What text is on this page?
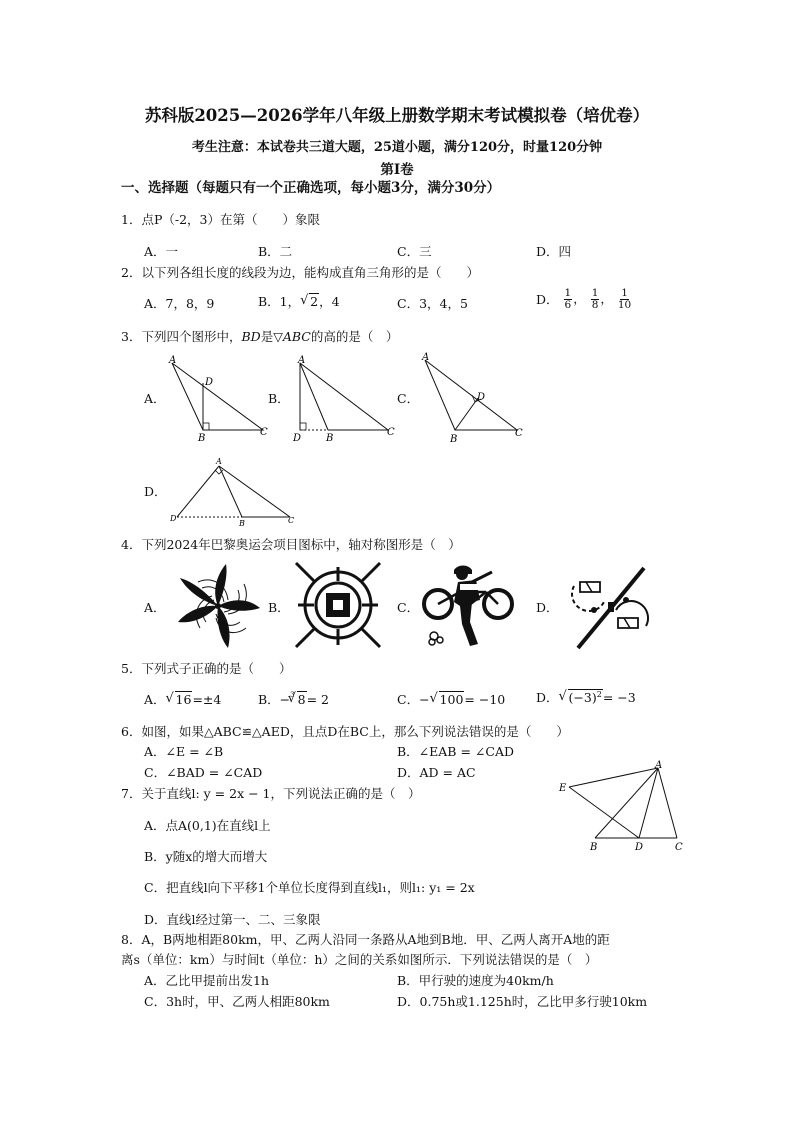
苏科版2025—2026学年八年级上册数学期末考试模拟卷（培优卷）
考生注意：本试卷共三道大题，25道小题，满分120分，时量120分钟
第Ⅰ卷
一、选择题（每题只有一个正确选项，每小题3分，满分30分）
1．点P（-2，3）在第（　　）象限
A．一	B．二	C．三	D．四
2．以下列各组长度的线段为边，能构成直角三角形的是（　　）
A．7，8，9	B．1， √ 2，4	C．3，4，5	D． $\frac{1}{6}$ ， $\frac{1}{8}$ ， $\frac{1}{10}$
3．下列四个图形中，BD是▽ABC的高的是（　）
A．	B．	C．
D．
A
D
B
C
A
D B
C
A
D
B
C
A
D
B	C
4．下列2024年巴黎奥运会项目图标中，轴对称图形是（　）
A．	B．	C．	D．
5．下列式子正确的是（　　）
A． √ 16=±4	B．−$^3$ √ 8= 2	C．− √ 100= −10 D． √ $(-3)^2= -3$
6．如图，如果△ABC≌△AED，且点D在BC上，那么下列说法错误的是（　　）
A．∠E = ∠B	B．∠EAB = ∠CAD
C．∠BAD = ∠CAD	D．AD = AC	A
E
B	D	C
7．关于直线l: y = 2x − 1，下列说法正确的是（　）
A．点A(0,1)在直线l上
B．y随x的增大而增大
C．把直线l向下平移1个单位长度得到直线l₁，则l₁: y₁ = 2x
D．直线l经过第一、二、三象限
8．A，B两地相距80km，甲、乙两人沿同一条路从A地到B地．甲、乙两人离开A地的距
离s（单位：km）与时间t（单位：h）之间的关系如图所示．下列说法错误的是（　）
A．乙比甲提前出发1h	B．甲行驶的速度为40km/h
C．3h时，甲、乙两人相距80km	D．0.75h或1.125h时，乙比甲多行驶10km
